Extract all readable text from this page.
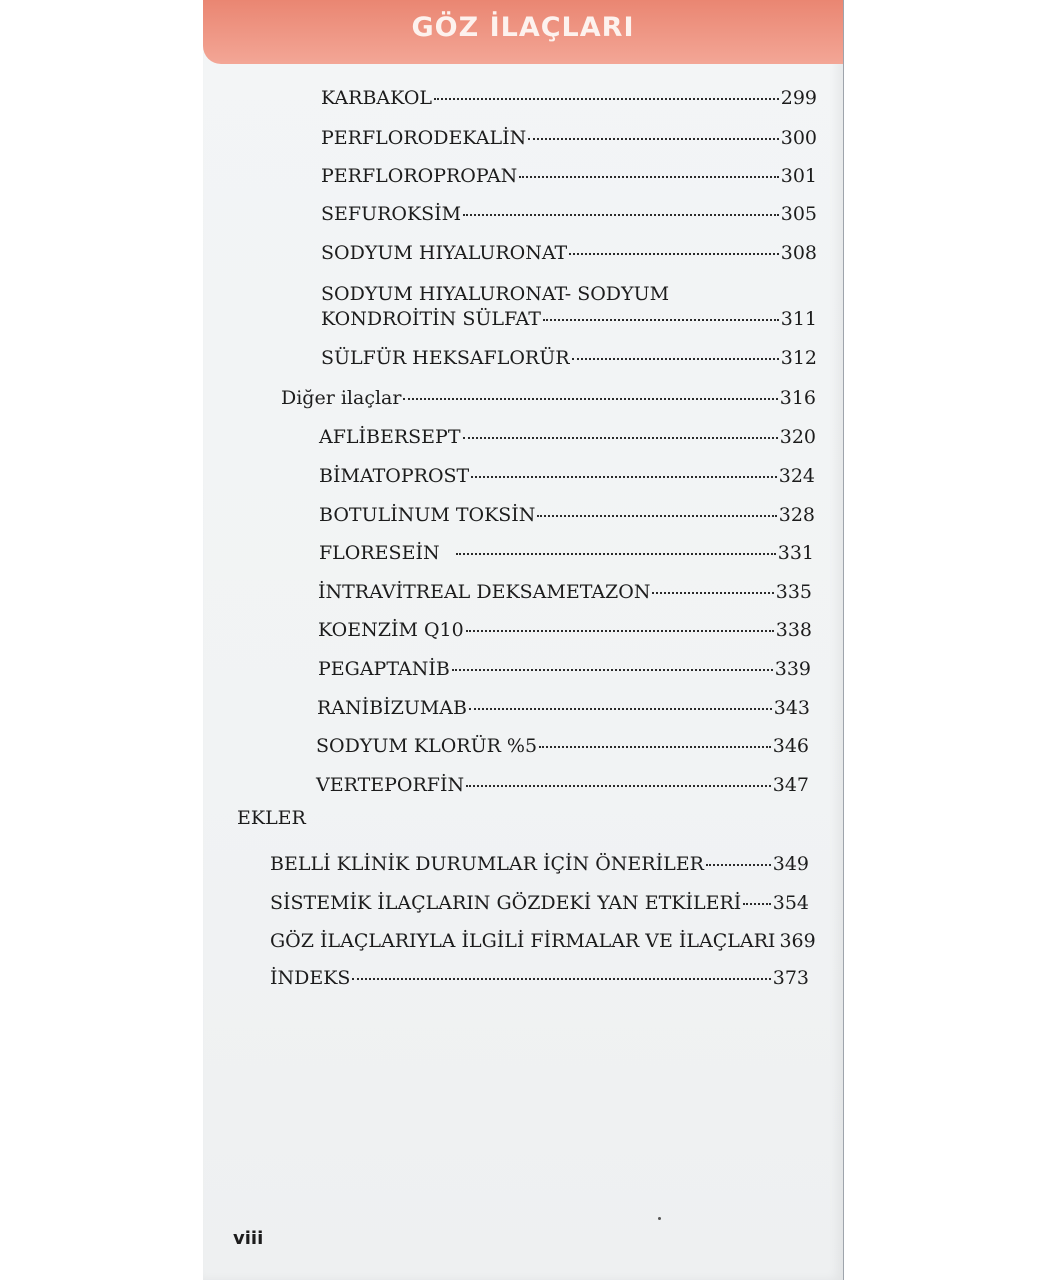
GÖZ İLAÇLARI
KARBAKOL	299
PERFLORODEKALİN	300
PERFLOROPROPAN	301
SEFUROKSİM	305
SODYUM HIYALURONAT	308
SODYUM HIYALURONAT- SODYUM
KONDROİTİN SÜLFAT	311
SÜLFÜR HEKSAFLORÜR	312
Diğer ilaçlar	316
AFLİBERSEPT	320
BİMATOPROST	324
BOTULİNUM TOKSİN	328
FLORESEİN	331
İNTRAVİTREAL DEKSAMETAZON	335
KOENZİM Q10	338
PEGAPTANİB	339
RANİBİZUMAB	343
SODYUM KLORÜR %5	346
VERTEPORFİN	347
EKLER
BELLİ KLİNİK DURUMLAR İÇİN ÖNERİLER	349
SİSTEMİK İLAÇLARIN GÖZDEKİ YAN ETKİLERİ 354
GÖZ İLAÇLARIYLA İLGİLİ FİRMALAR VE İLAÇLARI 369
İNDEKS	373
viii
